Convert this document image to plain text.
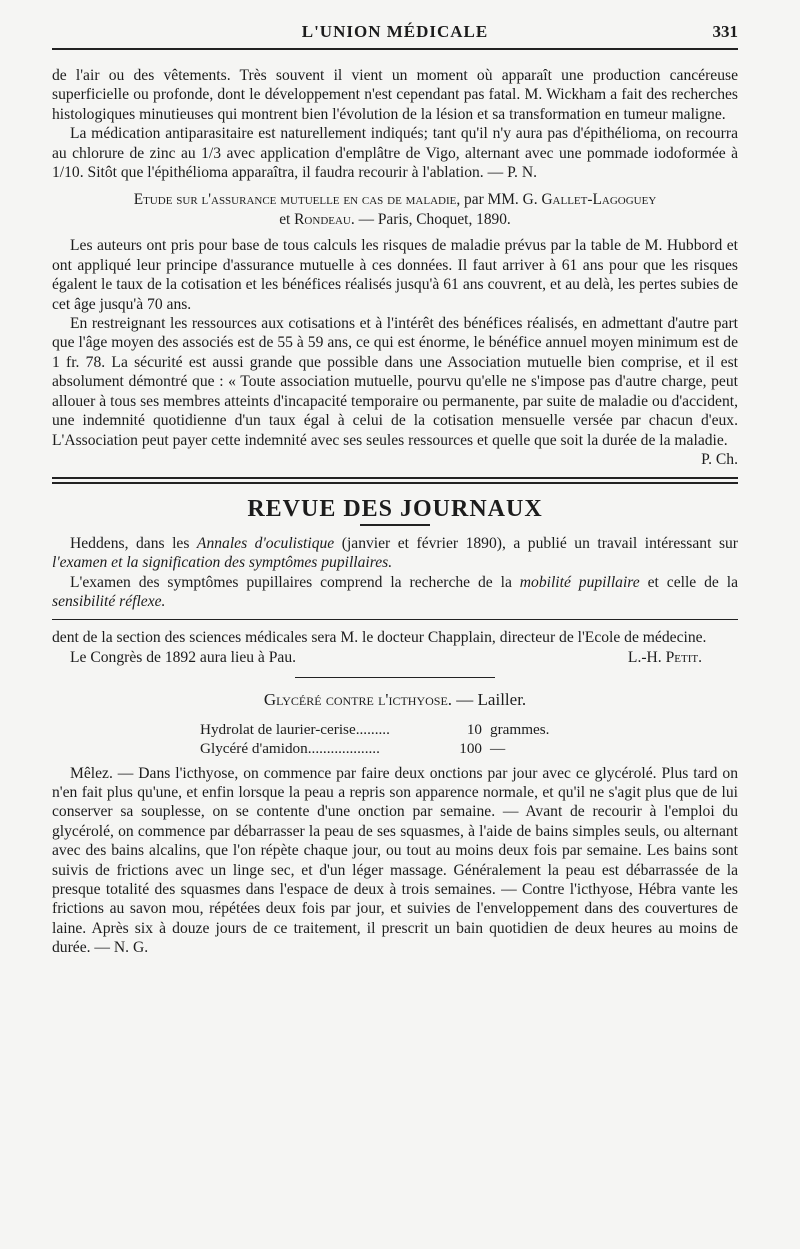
L'UNION MÉDICALE	331

de l'air ou des vêtements. Très souvent il vient un moment où apparaît une production cancéreuse superficielle ou profonde, dont le développement n'est cependant pas fatal. M. Wickham a fait des recherches histologiques minutieuses qui montrent bien l'évolution de la lésion et sa transformation en tumeur maligne.

La médication antiparasitaire est naturellement indiqués; tant qu'il n'y aura pas d'épithélioma, on recourra au chlorure de zinc au 1/3 avec application d'emplâtre de Vigo, alternant avec une pommade iodoformée à 1/10. Sitôt que l'épithélioma apparaîtra, il faudra recourir à l'ablation. — P. N.

Etude sur l'assurance mutuelle en cas de maladie, par MM. G. Gallet-Lagoguey
et Rondeau. — Paris, Choquet, 1890.

Les auteurs ont pris pour base de tous calculs les risques de maladie prévus par la table de M. Hubbord et ont appliqué leur principe d'assurance mutuelle à ces données. Il faut arriver à 61 ans pour que les risques égalent le taux de la cotisation et les bénéfices réalisés jusqu'à 61 ans couvrent, et au delà, les pertes subies de cet âge jusqu'à 70 ans.

En restreignant les ressources aux cotisations et à l'intérêt des bénéfices réalisés, en admettant d'autre part que l'âge moyen des associés est de 55 à 59 ans, ce qui est énorme, le bénéfice annuel moyen minimum est de 1 fr. 78. La sécurité est aussi grande que possible dans une Association mutuelle bien comprise, et il est absolument démontré que : « Toute association mutuelle, pourvu qu'elle ne s'impose pas d'autre charge, peut allouer à tous ses membres atteints d'incapacité temporaire ou permanente, par suite de maladie ou d'accident, une indemnité quotidienne d'un taux égal à celui de la cotisation mensuelle versée par chacun d'eux. L'Association peut payer cette indemnité avec ses seules ressources et quelle que soit la durée de la maladie.

P. Ch.

REVUE DES JOURNAUX

Heddens, dans les Annales d'oculistique (janvier et février 1890), a publié un travail intéressant sur l'examen et la signification des symptômes pupillaires.

L'examen des symptômes pupillaires comprend la recherche de la mobilité pupillaire et celle de la sensibilité réflexe.

dent de la section des sciences médicales sera M. le docteur Chapplain, directeur de l'Ecole de médecine.

Le Congrès de 1892 aura lieu à Pau.	L.-H. Petit.
Glycéré contre l'icthyose. — Lailler.
Hydrolat de laurier-cerise.........	10 grammes.
Glycéré d'amidon...................	100 —

Mêlez. — Dans l'icthyose, on commence par faire deux onctions par jour avec ce glycérolé. Plus tard on n'en fait plus qu'une, et enfin lorsque la peau a repris son apparence normale, et qu'il ne s'agit plus que de lui conserver sa souplesse, on se contente d'une onction par semaine. — Avant de recourir à l'emploi du glycérolé, on commence par débarrasser la peau de ses squasmes, à l'aide de bains simples seuls, ou alternant avec des bains alcalins, que l'on répète chaque jour, ou tout au moins deux fois par semaine. Les bains sont suivis de frictions avec un linge sec, et d'un léger massage. Généralement la peau est débarrassée de la presque totalité des squasmes dans l'espace de deux à trois semaines. — Contre l'icthyose, Hébra vante les frictions au savon mou, répétées deux fois par jour, et suivies de l'enveloppement dans des couvertures de laine. Après six à douze jours de ce traitement, il prescrit un bain quotidien de deux heures au moins de durée. — N. G.
